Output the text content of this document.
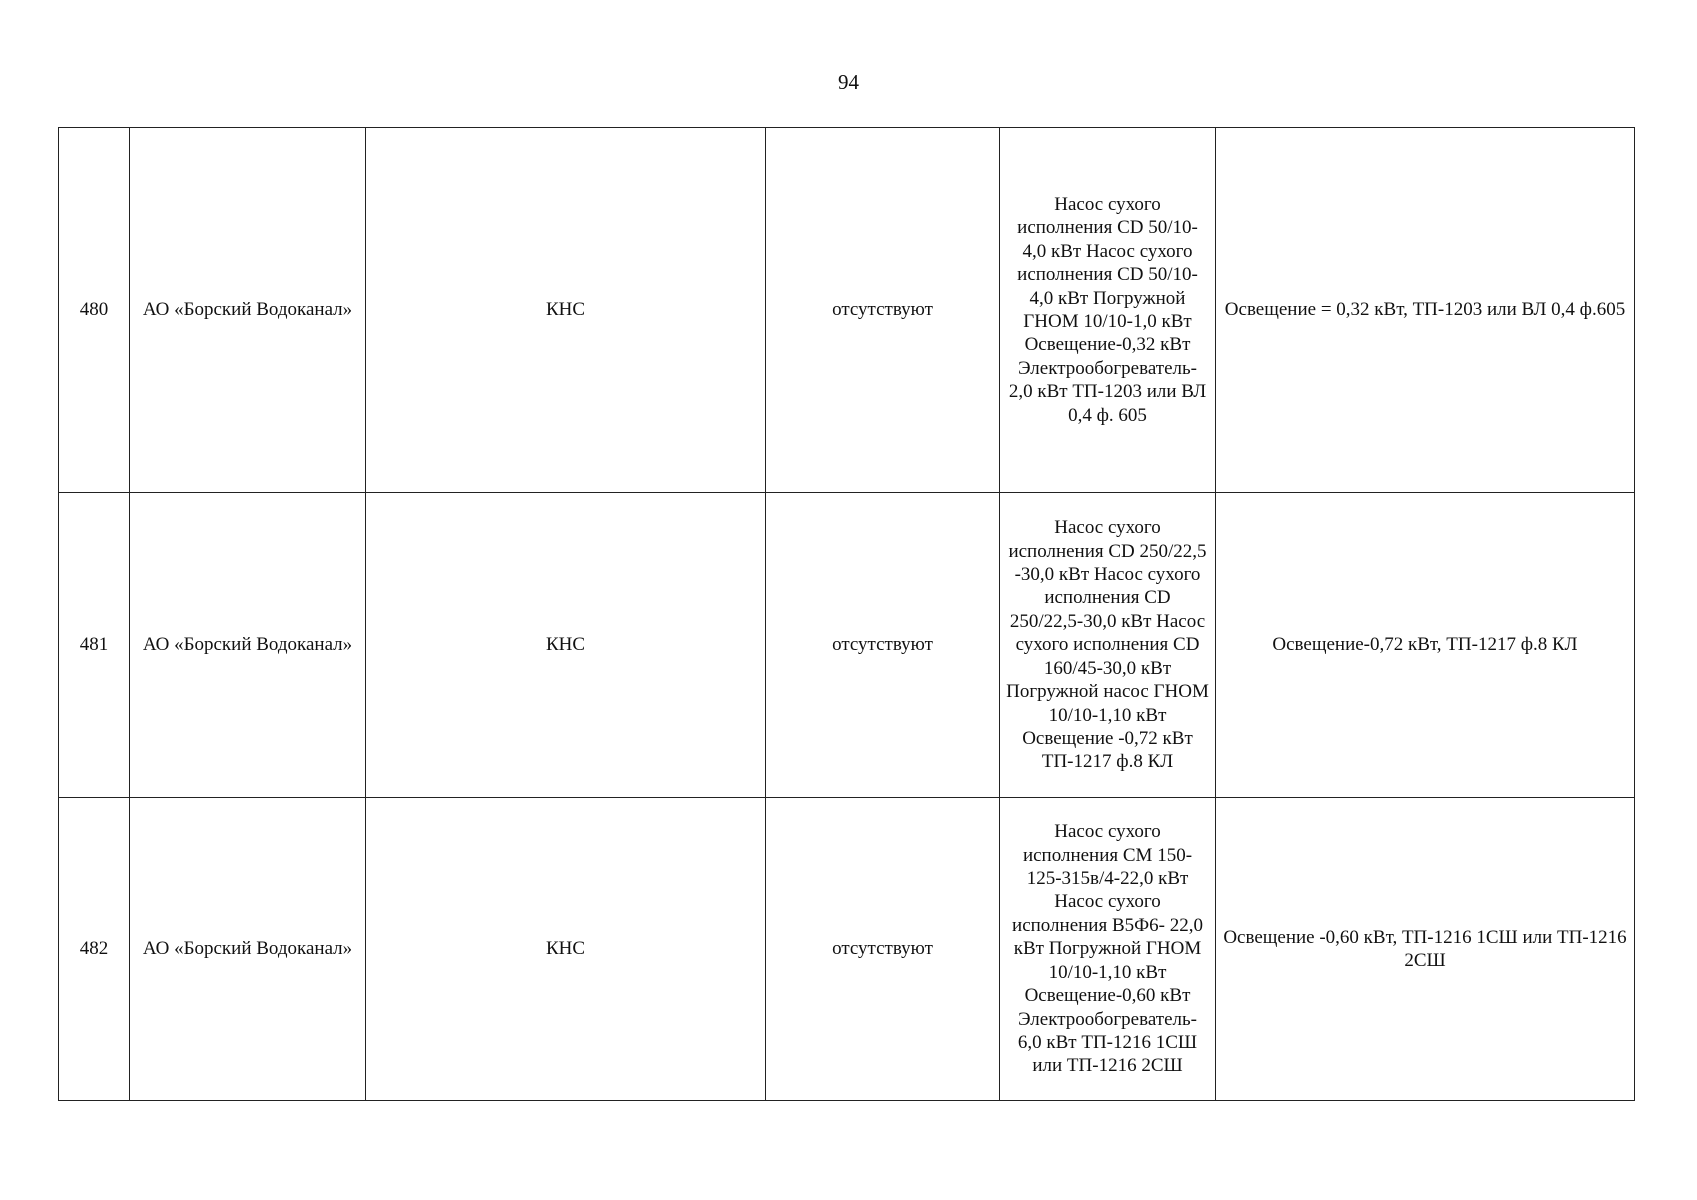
94
480	АО «Борский Водоканал»	КНС	отсутствуют	Насос сухого исполнения CD 50/10- 4,0 кВт Насос сухого исполнения CD 50/10- 4,0 кВт Погружной ГНОМ 10/10-1,0 кВт Освещение-0,32 кВт Электрообогреватель- 2,0 кВт ТП-1203 или ВЛ 0,4 ф. 605	Освещение = 0,32 кВт, ТП-1203 или ВЛ 0,4 ф.605
481	АО «Борский Водоканал»	КНС	отсутствуют	Насос сухого исполнения CD 250/22,5 -30,0 кВт Насос сухого исполнения CD 250/22,5-30,0 кВт Насос сухого исполнения CD 160/45-30,0 кВт Погружной насос ГНОМ 10/10-1,10 кВт Освещение -0,72 кВт ТП-1217 ф.8 КЛ	Освещение-0,72 кВт, ТП-1217 ф.8 КЛ
482	АО «Борский Водоканал»	КНС	отсутствуют	Насос сухого исполнения СМ 150- 125-315в/4-22,0 кВт Насос сухого исполнения В5Ф6- 22,0 кВт Погружной ГНОМ 10/10-1,10 кВт Освещение-0,60 кВт Электрообогреватель- 6,0 кВт ТП-1216 1СШ или ТП-1216 2СШ	Освещение -0,60 кВт, ТП-1216 1СШ или ТП-1216 2СШ
